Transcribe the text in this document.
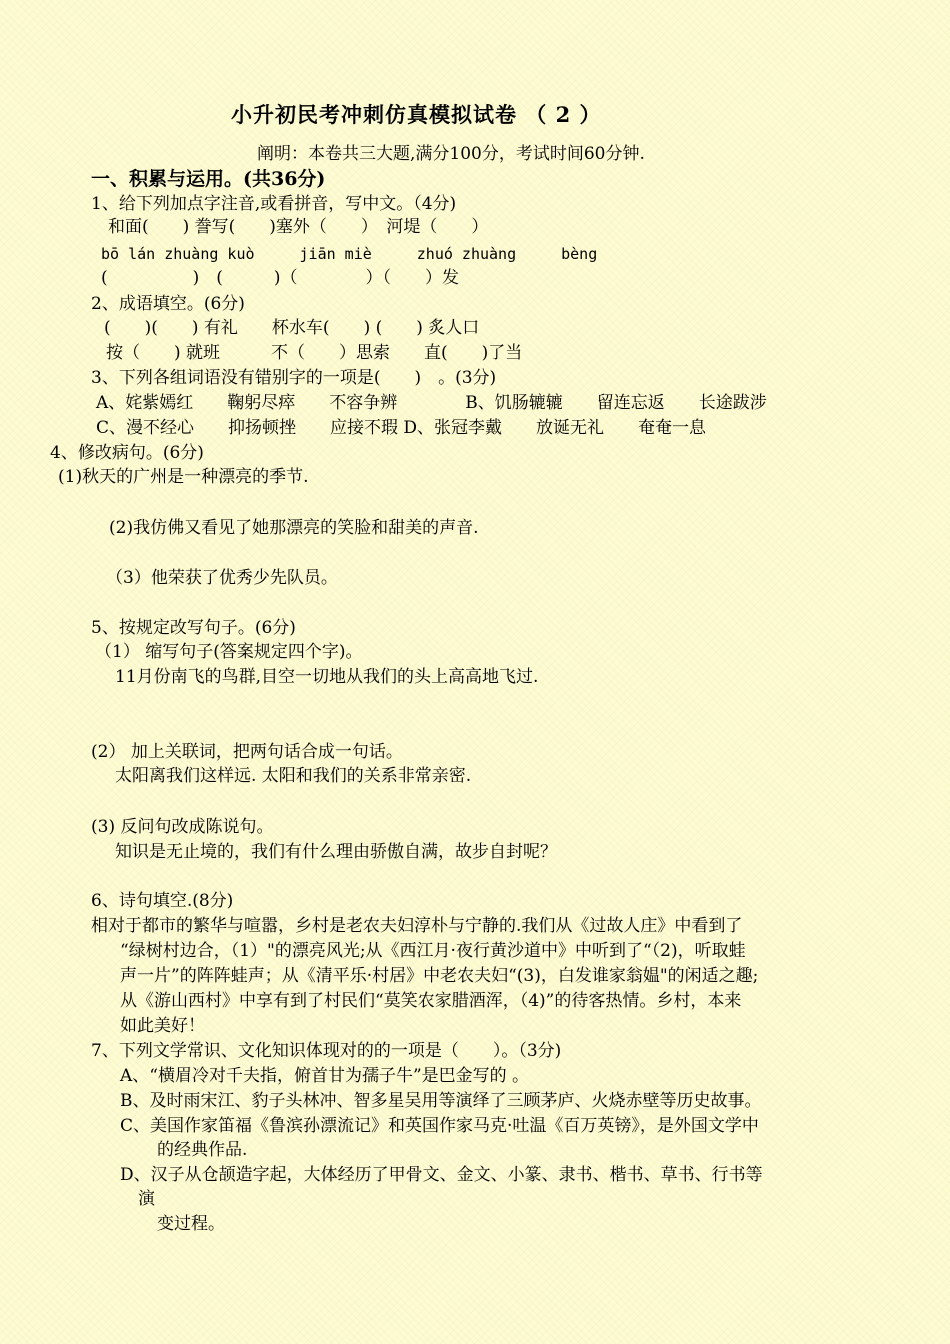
小升初民考冲刺仿真模拟试卷 （ 2 ）
阐明：本卷共三大题,满分100分，考试时间60分钟.
一、积累与运用。(共36分)
1、给下列加点字注音,或看拼音，写中文。（4分)
和面(　　) 誊写(　　)塞外（　　）　河堤（　　）
bō lán zhuàng kuò　　　jiān miè　　　zhuó zhuàng　　　bèng
(　　　　　)　(　　　)（　　　　）（　　）发
2、成语填空。(6分)
(　　)(　　) 有礼　　杯水车(　　) (　　) 炙人口
按（　　) 就班　　　不（　　）思索　　直(　　)了当
3、下列各组词语没有错别字的一项是(　　)　。(3分)
A、姹紫嫣红　　鞠躬尽瘁　　不容争辨　　　　B、饥肠辘辘　　留连忘返　　长途跋涉
C、漫不经心　　抑扬顿挫　　应接不瑕 D、张冠李戴　　放诞无礼　　奄奄一息
4、修改病句。(6分)
(1)秋天的广州是一种漂亮的季节.
(2)我仿佛又看见了她那漂亮的笑脸和甜美的声音.
（3）他荣获了优秀少先队员。
5、按规定改写句子。(6分)
（1） 缩写句子(答案规定四个字)。
11月份南飞的鸟群,目空一切地从我们的头上高高地飞过.
(2） 加上关联词，把两句话合成一句话。
太阳离我们这样远. 太阳和我们的关系非常亲密.
(3) 反问句改成陈说句。
知识是无止境的，我们有什么理由骄傲自满，故步自封呢？
6、诗句填空.(8分)
相对于都市的繁华与喧嚣，乡村是老农夫妇淳朴与宁静的.我们从《过故人庄》中看到了
“绿树村边合，（1）"的漂亮风光;从《西江月·夜行黄沙道中》中听到了“（2)，听取蛙
声一片”的阵阵蛙声；从《清平乐·村居》中老农夫妇“(3)，白发谁家翁媪"的闲适之趣;
从《游山西村》中享有到了村民们“莫笑农家腊酒浑，（4)”的待客热情。乡村，本来
如此美好！
7、下列文学常识、文化知识体现对的的一项是（　　）。（3分)
A、“横眉冷对千夫指，俯首甘为孺子牛”是巴金写的 。
B、及时雨宋江、豹子头林冲、智多星吴用等演绎了三顾茅庐、火烧赤壁等历史故事。
C、美国作家笛福《鲁滨孙漂流记》和英国作家马克·吐温《百万英镑》，是外国文学中
的经典作品.
D、汉子从仓颉造字起，大体经历了甲骨文、金文、小篆、隶书、楷书、草书、行书等
演
变过程。
